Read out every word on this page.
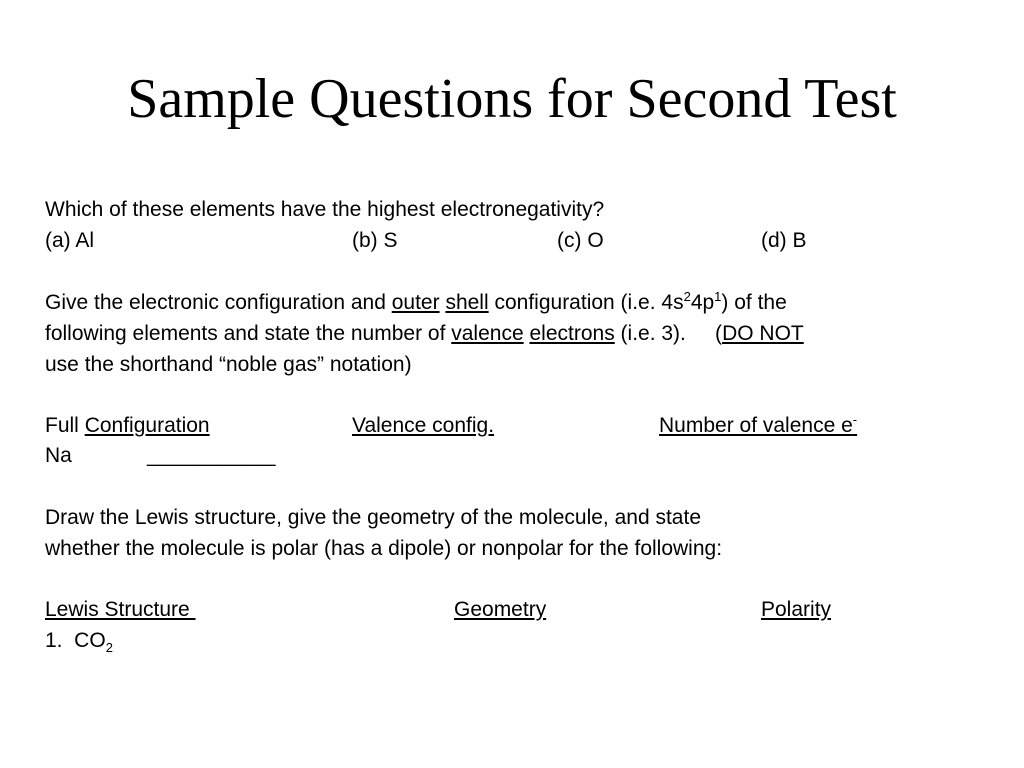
Sample Questions for Second Test
Which of these elements have the highest electronegativity?
(a) Al	(b) S	(c) O	(d) B
Give the electronic configuration and outer shell configuration (i.e. $4s^24p^1$) of the
following elements and state the number of valence electrons (i.e. 3).     (DO NOT
use the shorthand “noble gas” notation)
Full Configuration	Valence config.	Number of valence e-
Na	___________
Draw the Lewis structure, give the geometry of the molecule, and state
whether the molecule is polar (has a dipole) or nonpolar for the following:
Lewis Structure	Geometry	Polarity
1.  $CO_2$
